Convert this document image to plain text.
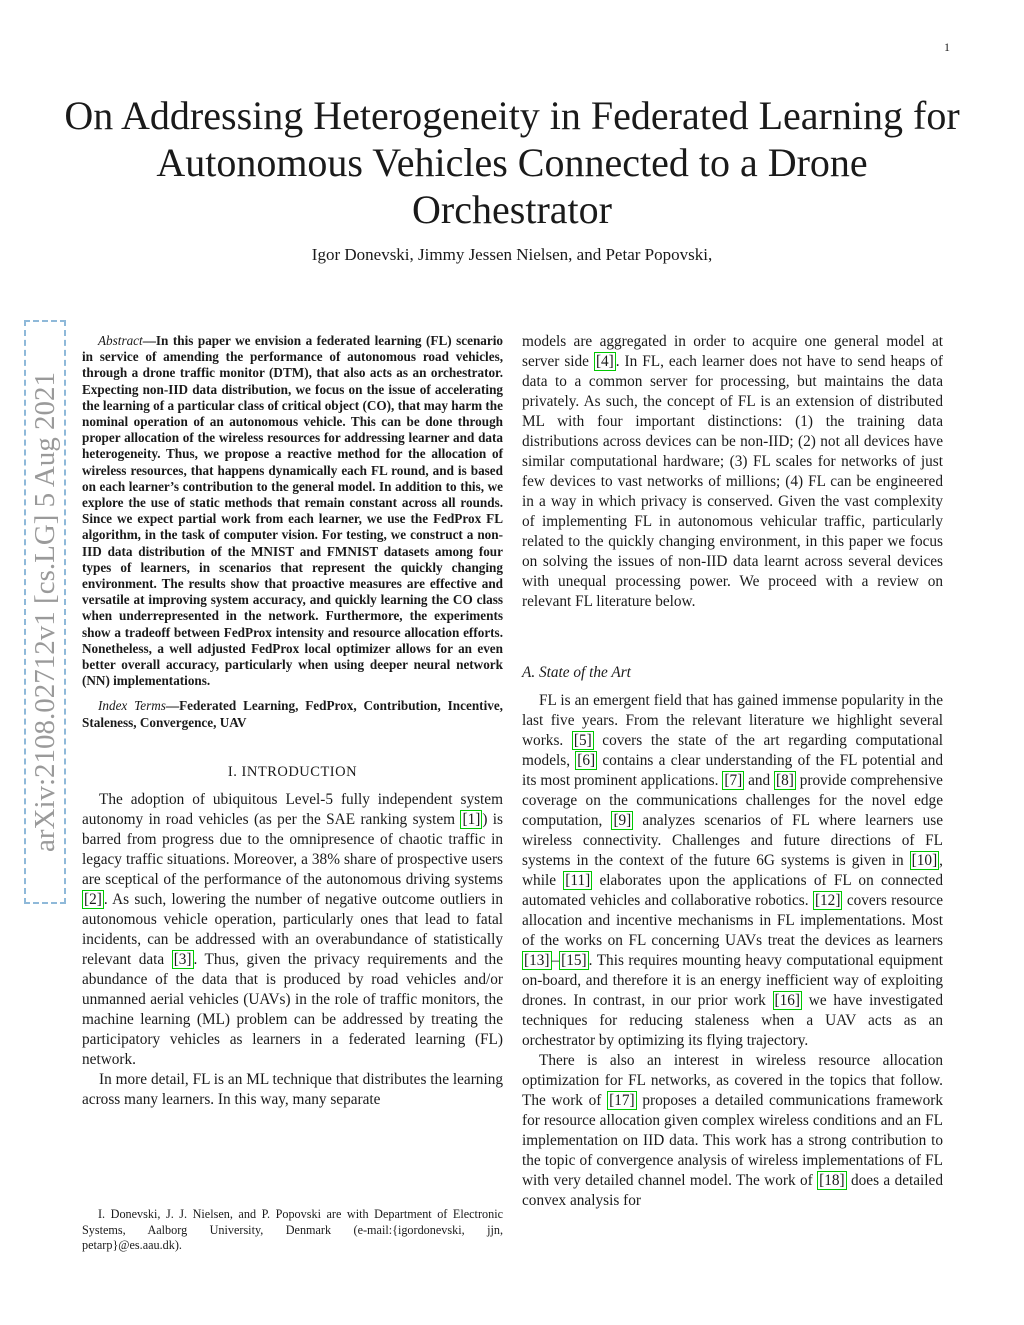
1
On Addressing Heterogeneity in Federated Learning for Autonomous Vehicles Connected to a Drone Orchestrator
Igor Donevski, Jimmy Jessen Nielsen, and Petar Popovski,
arXiv:2108.02712v1 [cs.LG] 5 Aug 2021

Abstract—In this paper we envision a federated learning (FL) scenario in service of amending the performance of autonomous road vehicles, through a drone traffic monitor (DTM), that also acts as an orchestrator. Expecting non-IID data distribution, we focus on the issue of accelerating the learning of a particular class of critical object (CO), that may harm the nominal operation of an autonomous vehicle. This can be done through proper allocation of the wireless resources for addressing learner and data heterogeneity. Thus, we propose a reactive method for the allocation of wireless resources, that happens dynamically each FL round, and is based on each learner’s contribution to the general model. In addition to this, we explore the use of static methods that remain constant across all rounds. Since we expect partial work from each learner, we use the FedProx FL algorithm, in the task of computer vision. For testing, we construct a non-IID data distribution of the MNIST and FMNIST datasets among four types of learners, in scenarios that represent the quickly changing environment. The results show that proactive measures are effective and versatile at improving system accuracy, and quickly learning the CO class when underrepresented in the network. Furthermore, the experiments show a tradeoff between FedProx intensity and resource allocation efforts. Nonetheless, a well adjusted FedProx local optimizer allows for an even better overall accuracy, particularly when using deeper neural network (NN) implementations.

Index Terms—Federated Learning, FedProx, Contribution, Incentive, Staleness, Convergence, UAV

I. INTRODUCTION

The adoption of ubiquitous Level-5 fully independent system autonomy in road vehicles (as per the SAE ranking system [1] ) is barred from progress due to the omnipresence of chaotic traffic in legacy traffic situations. Moreover, a 38% share of prospective users are sceptical of the performance of the autonomous driving systems [2] . As such, lowering the number of negative outcome outliers in autonomous vehicle operation, particularly ones that lead to fatal incidents, can be addressed with an overabundance of statistically relevant data [3] . Thus, given the privacy requirements and the abundance of the data that is produced by road vehicles and/or unmanned aerial vehicles (UAVs) in the role of traffic monitors, the machine learning (ML) problem can be addressed by treating the participatory vehicles as learners in a federated learning (FL) network.

In more detail, FL is an ML technique that distributes the learning across many learners. In this way, many separate

I. Donevski, J. J. Nielsen, and P. Popovski are with Department of Electronic Systems, Aalborg University, Denmark (e-mail:{igordonevski, jjn, petarp}@es.aau.dk).

models are aggregated in order to acquire one general model at server side [4] . In FL, each learner does not have to send heaps of data to a common server for processing, but maintains the data privately. As such, the concept of FL is an extension of distributed ML with four important distinctions: (1) the training data distributions across devices can be non-IID; (2) not all devices have similar computational hardware; (3) FL scales for networks of just few devices to vast networks of millions; (4) FL can be engineered in a way in which privacy is conserved. Given the vast complexity of implementing FL in autonomous vehicular traffic, particularly related to the quickly changing environment, in this paper we focus on solving the issues of non-IID data learnt across several devices with unequal processing power. We proceed with a review on relevant FL literature below.

A. State of the Art

FL is an emergent field that has gained immense popularity in the last five years. From the relevant literature we highlight several works. [5] covers the state of the art regarding computational models, [6] contains a clear understanding of the FL potential and its most prominent applications. [7] and [8] provide comprehensive coverage on the communications challenges for the novel edge computation, [9] analyzes scenarios of FL where learners use wireless connectivity. Challenges and future directions of FL systems in the context of the future 6G systems is given in [10] , while [11] elaborates upon the applications of FL on connected automated vehicles and collaborative robotics. [12] covers resource allocation and incentive mechanisms in FL implementations. Most of the works on FL concerning UAVs treat the devices as learners [13] – [15] . This requires mounting heavy computational equipment on-board, and therefore it is an energy inefficient way of exploiting drones. In contrast, in our prior work [16] we have investigated techniques for reducing staleness when a UAV acts as an orchestrator by optimizing its flying trajectory.

There is also an interest in wireless resource allocation optimization for FL networks, as covered in the topics that follow. The work of [17] proposes a detailed communications framework for resource allocation given complex wireless conditions and an FL implementation on IID data. This work has a strong contribution to the topic of convergence analysis of wireless implementations of FL with very detailed channel model. The work of [18] does a detailed convex analysis for
